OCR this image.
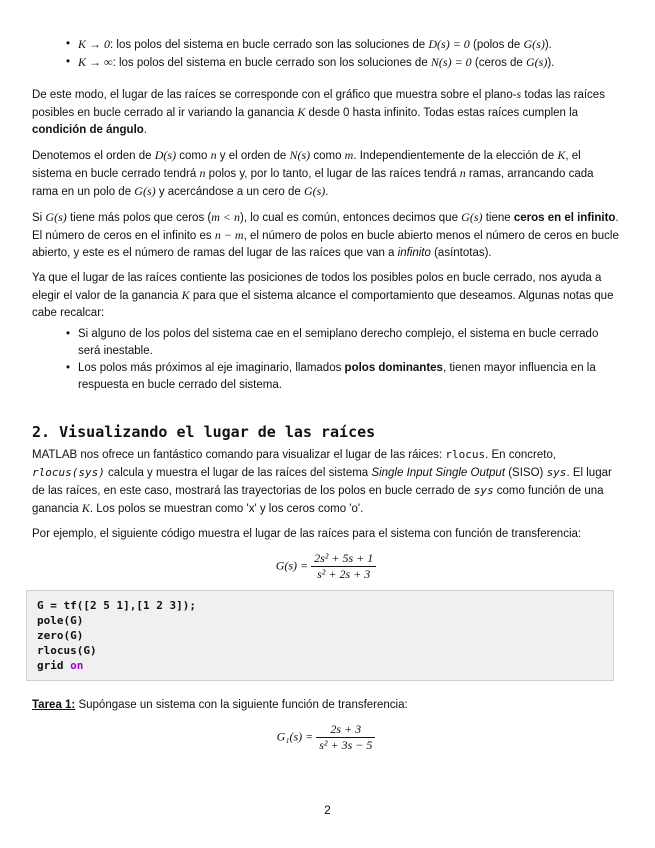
• K → 0: los polos del sistema en bucle cerrado son las soluciones de D(s) = 0 (polos de G(s)).
• K → ∞: los polos del sistema en bucle cerrado son los soluciones de N(s) = 0 (ceros de G(s)).

De este modo, el lugar de las raíces se corresponde con el gráfico que muestra sobre el plano-s todas las raíces posibles en bucle cerrado al ir variando la ganancia K desde 0 hasta infinito. Todas estas raíces cumplen la condición de ángulo.

Denotemos el orden de D(s) como n y el orden de N(s) como m. Independientemente de la elección de K, el sistema en bucle cerrado tendrá n polos y, por lo tanto, el lugar de las raíces tendrá n ramas, arrancando cada rama en un polo de G(s) y acercándose a un cero de G(s).

Si G(s) tiene más polos que ceros (m < n), lo cual es común, entonces decimos que G(s) tiene ceros en el infinito. El número de ceros en el infinito es n − m, el número de polos en bucle abierto menos el número de ceros en bucle abierto, y este es el número de ramas del lugar de las raíces que van a infinito (asíntotas).

Ya que el lugar de las raíces contiente las posiciones de todos los posibles polos en bucle cerrado, nos ayuda a elegir el valor de la ganancia K para que el sistema alcance el comportamiento que deseamos. Algunas notas que cabe recalcar:

• Si alguno de los polos del sistema cae en el semiplano derecho complejo, el sistema en bucle cerrado será inestable.
• Los polos más próximos al eje imaginario, llamados polos dominantes, tienen mayor influencia en la respuesta en bucle cerrado del sistema.
2. Visualizando el lugar de las raíces

MATLAB nos ofrece un fantástico comando para visualizar el lugar de las ráices: rlocus. En concreto, rlocus(sys) calcula y muestra el lugar de las raíces del sistema Single Input Single Output (SISO) sys. El lugar de las raíces, en este caso, mostrará las trayectorias de los polos en bucle cerrado de sys como función de una ganancia K. Los polos se muestran como 'x' y los ceros como 'o'.

Por ejemplo, el siguiente código muestra el lugar de las raíces para el sistema con función de transferencia:

$G(s) = \frac{\text{2s² + 5s + 1}}{\text{s² + 2s + 3}}$
G = tf([2 5 1],[1 2 3]);
pole(G)
zero(G)
rlocus(G)
grid on

Tarea 1: Supóngase un sistema con la siguiente función de transferencia:

$G_1(s) = \frac{2s + 3}{\text{s² + 3s − 5}}$
2
